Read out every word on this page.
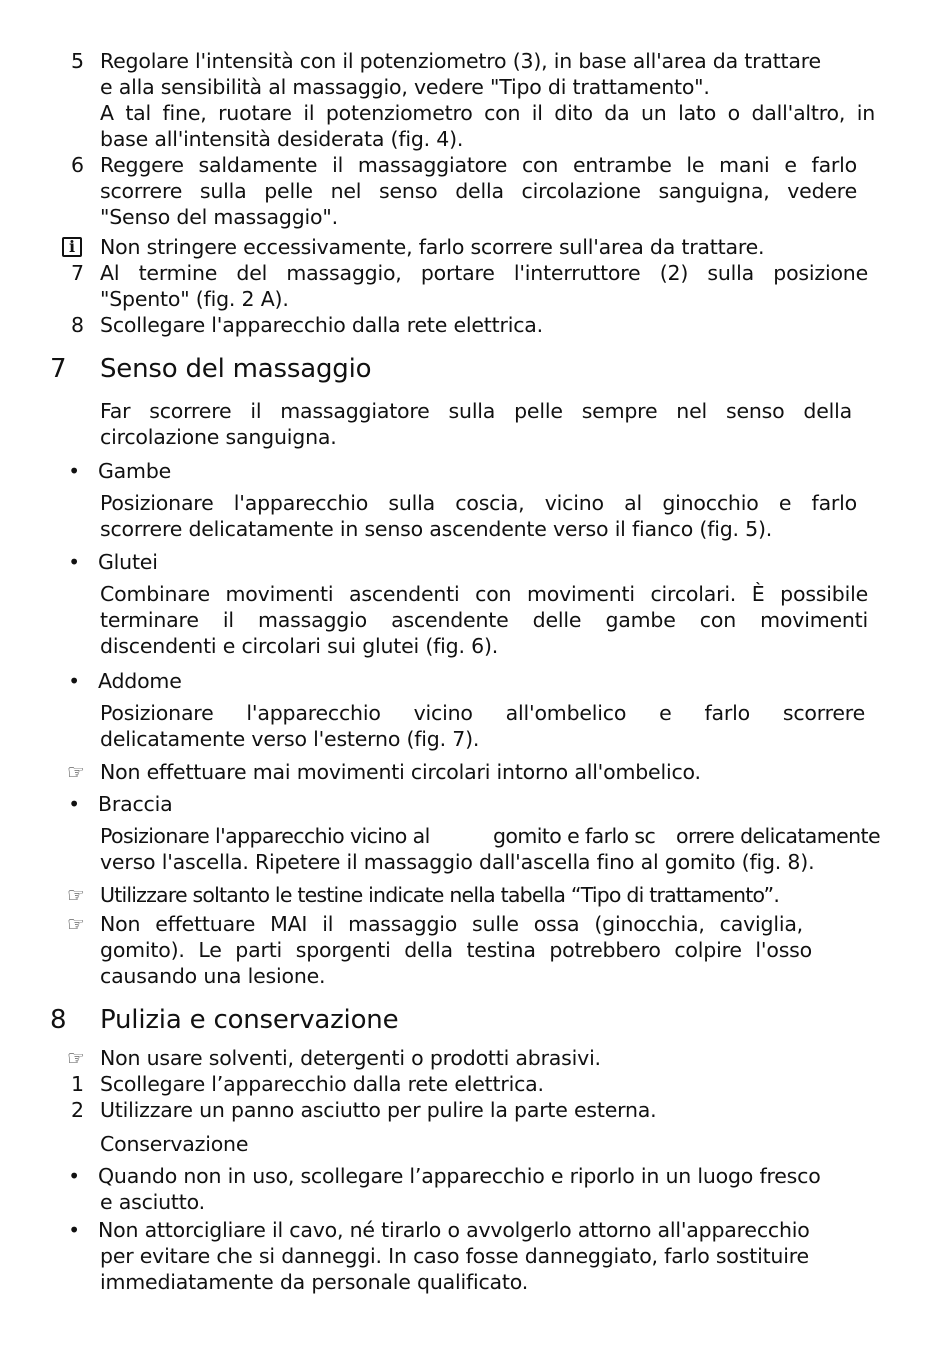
5 Regolare l'intensità con il potenziometro (3), in base all'area da trattare
e alla sensibilità al massaggio, vedere "Tipo di trattamento".
A tal fine, ruotare il potenziometro con il dito da un lato o dall'altro, in
base all'intensità desiderata (fig. 4).
6 Reggere saldamente il massaggiatore con entrambe le mani e farlo
scorrere sulla pelle nel senso della circolazione sanguigna, vedere
"Senso del massaggio".
i	Non stringere eccessivamente, farlo scorrere sull'area da trattare.
7 Al termine del massaggio, portare l'interruttore (2) sulla posizione
"Spento" (fig. 2 A).
8 Scollegare l'apparecchio dalla rete elettrica.
7 Senso del massaggio
Far scorrere il massaggiatore sulla pelle sempre nel senso della
circolazione sanguigna.
• Gambe
Posizionare l'apparecchio sulla coscia, vicino al ginocchio e farlo
scorrere delicatamente in senso ascendente verso il fianco (fig. 5).
• Glutei
Combinare movimenti ascendenti con movimenti circolari. È possibile
terminare il massaggio ascendente delle gambe con movimenti
discendenti e circolari sui glutei (fig. 6).
• Addome
Posizionare l'apparecchio vicino all'ombelico e farlo scorrere
delicatamente verso l'esterno (fig. 7).
☞ Non effettuare mai movimenti circolari intorno all'ombelico.
• Braccia
Posizionare l'apparecchio vicino al	gomito e farlo sc orrere delicatamente
verso l'ascella. Ripetere il massaggio dall'ascella fino al gomito (fig. 8).
☞ Utilizzare soltanto le testine indicate nella tabella “Tipo di trattamento”.
☞ Non effettuare MAI il massaggio sulle ossa (ginocchia, caviglia,
gomito). Le parti sporgenti della testina potrebbero colpire l'osso
causando una lesione.
8 Pulizia e conservazione
☞ Non usare solventi, detergenti o prodotti abrasivi.
1 Scollegare l’apparecchio dalla rete elettrica.
2 Utilizzare un panno asciutto per pulire la parte esterna.
Conservazione
• Quando non in uso, scollegare l’apparecchio e riporlo in un luogo fresco
e asciutto.
• Non attorcigliare il cavo, né tirarlo o avvolgerlo attorno all'apparecchio
per evitare che si danneggi. In caso fosse danneggiato, farlo sostituire
immediatamente da personale qualificato.
